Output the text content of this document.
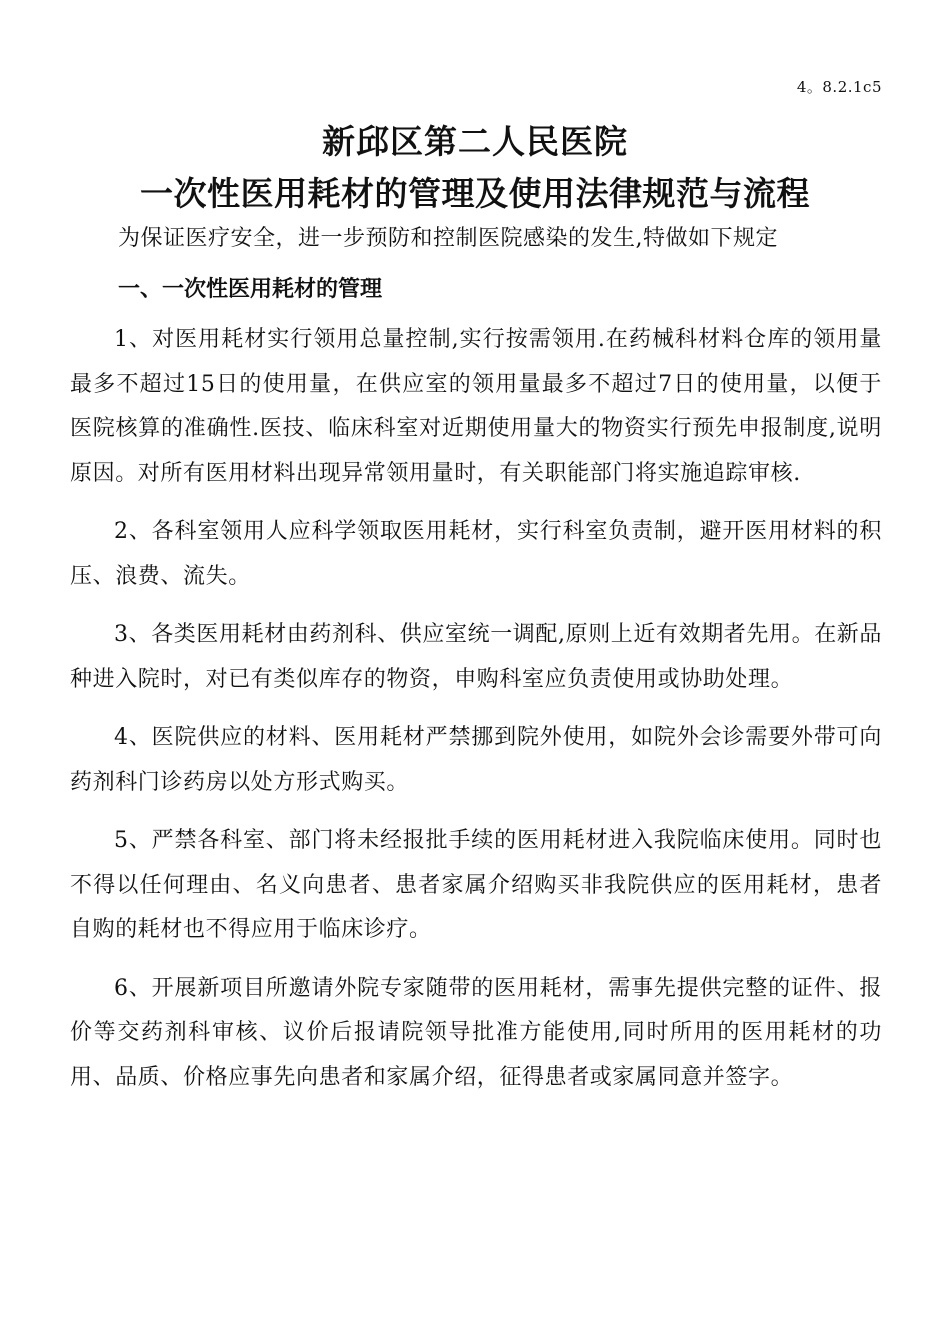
4。8.2.1c5
新邱区第二人民医院
一次性医用耗材的管理及使用法律规范与流程
为保证医疗安全，进一步预防和控制医院感染的发生,特做如下规定
一、一次性医用耗材的管理

1、对医用耗材实行领用总量控制,实行按需领用.在药械科材料仓库的领用量最多不超过15日的使用量，在供应室的领用量最多不超过7日的使用量，以便于医院核算的准确性.医技、临床科室对近期使用量大的物资实行预先申报制度,说明原因。对所有医用材料出现异常领用量时，有关职能部门将实施追踪审核.

2、各科室领用人应科学领取医用耗材，实行科室负责制，避开医用材料的积压、浪费、流失。

3、各类医用耗材由药剂科、供应室统一调配,原则上近有效期者先用。在新品种进入院时，对已有类似库存的物资，申购科室应负责使用或协助处理。

4、医院供应的材料、医用耗材严禁挪到院外使用，如院外会诊需要外带可向药剂科门诊药房以处方形式购买。

5、严禁各科室、部门将未经报批手续的医用耗材进入我院临床使用。同时也不得以任何理由、名义向患者、患者家属介绍购买非我院供应的医用耗材，患者自购的耗材也不得应用于临床诊疗。

6、开展新项目所邀请外院专家随带的医用耗材，需事先提供完整的证件、报价等交药剂科审核、议价后报请院领导批准方能使用,同时所用的医用耗材的功用、品质、价格应事先向患者和家属介绍，征得患者或家属同意并签字。
